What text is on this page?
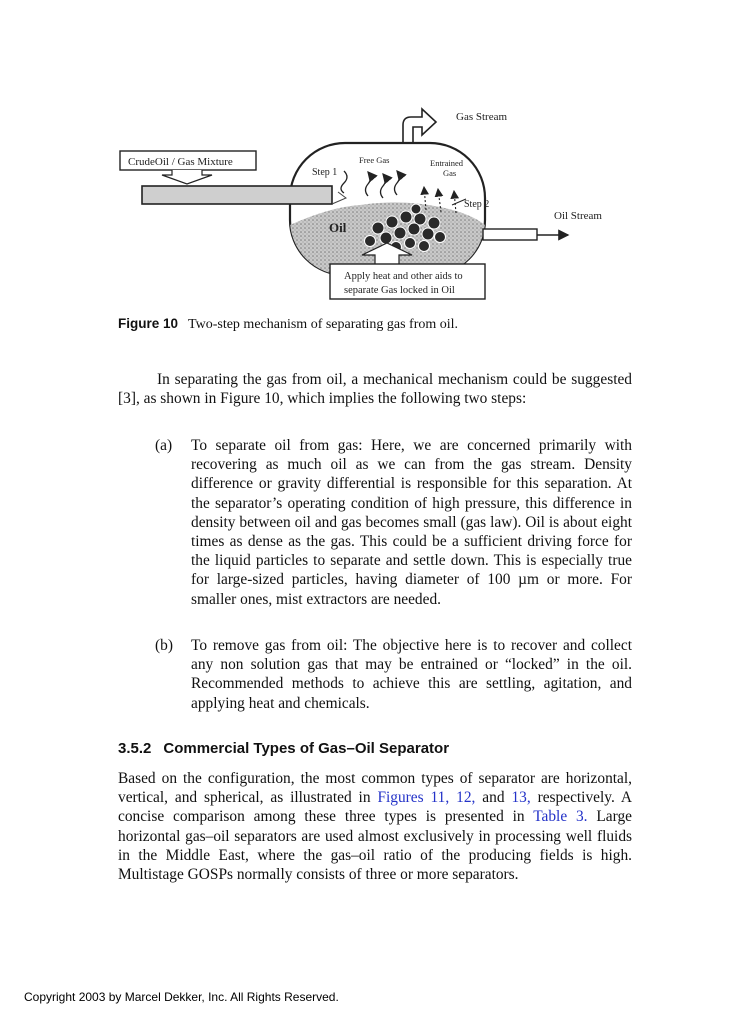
Gas Stream
Oil
CrudeOil / Gas Mixture
Step 1
Free Gas	Entrained
Gas
Step 2
Oil Stream
Apply heat and other aids to
separate Gas locked in Oil
Figure 10 Two-step mechanism of separating gas from oil.
In separating the gas from oil, a mechanical mechanism could be suggested [3], as shown in Figure 10, which implies the following two steps:
(a) To separate oil from gas: Here, we are concerned primarily with recovering as much oil as we can from the gas stream. Density difference or gravity differential is responsible for this separation. At the separator’s operating condition of high pressure, this difference in density between oil and gas becomes small (gas law). Oil is about eight times as dense as the gas. This could be a sufficient driving force for the liquid particles to separate and settle down. This is especially true for large-sized particles, having diameter of 100 µm or more. For smaller ones, mist extractors are needed.
(b) To remove gas from oil: The objective here is to recover and collect any non solution gas that may be entrained or “locked” in the oil. Recommended methods to achieve this are settling, agitation, and applying heat and chemicals.
3.5.2 Commercial Types of Gas–Oil Separator
Based on the configuration, the most common types of separator are horizontal, vertical, and spherical, as illustrated in Figures 11, 12, and 13, respectively. A concise comparison among these three types is presented in Table 3. Large horizontal gas–oil separators are used almost exclusively in processing well fluids in the Middle East, where the gas–oil ratio of the producing fields is high. Multistage GOSPs normally consists of three or more separators.
Copyright 2003 by Marcel Dekker, Inc. All Rights Reserved.
